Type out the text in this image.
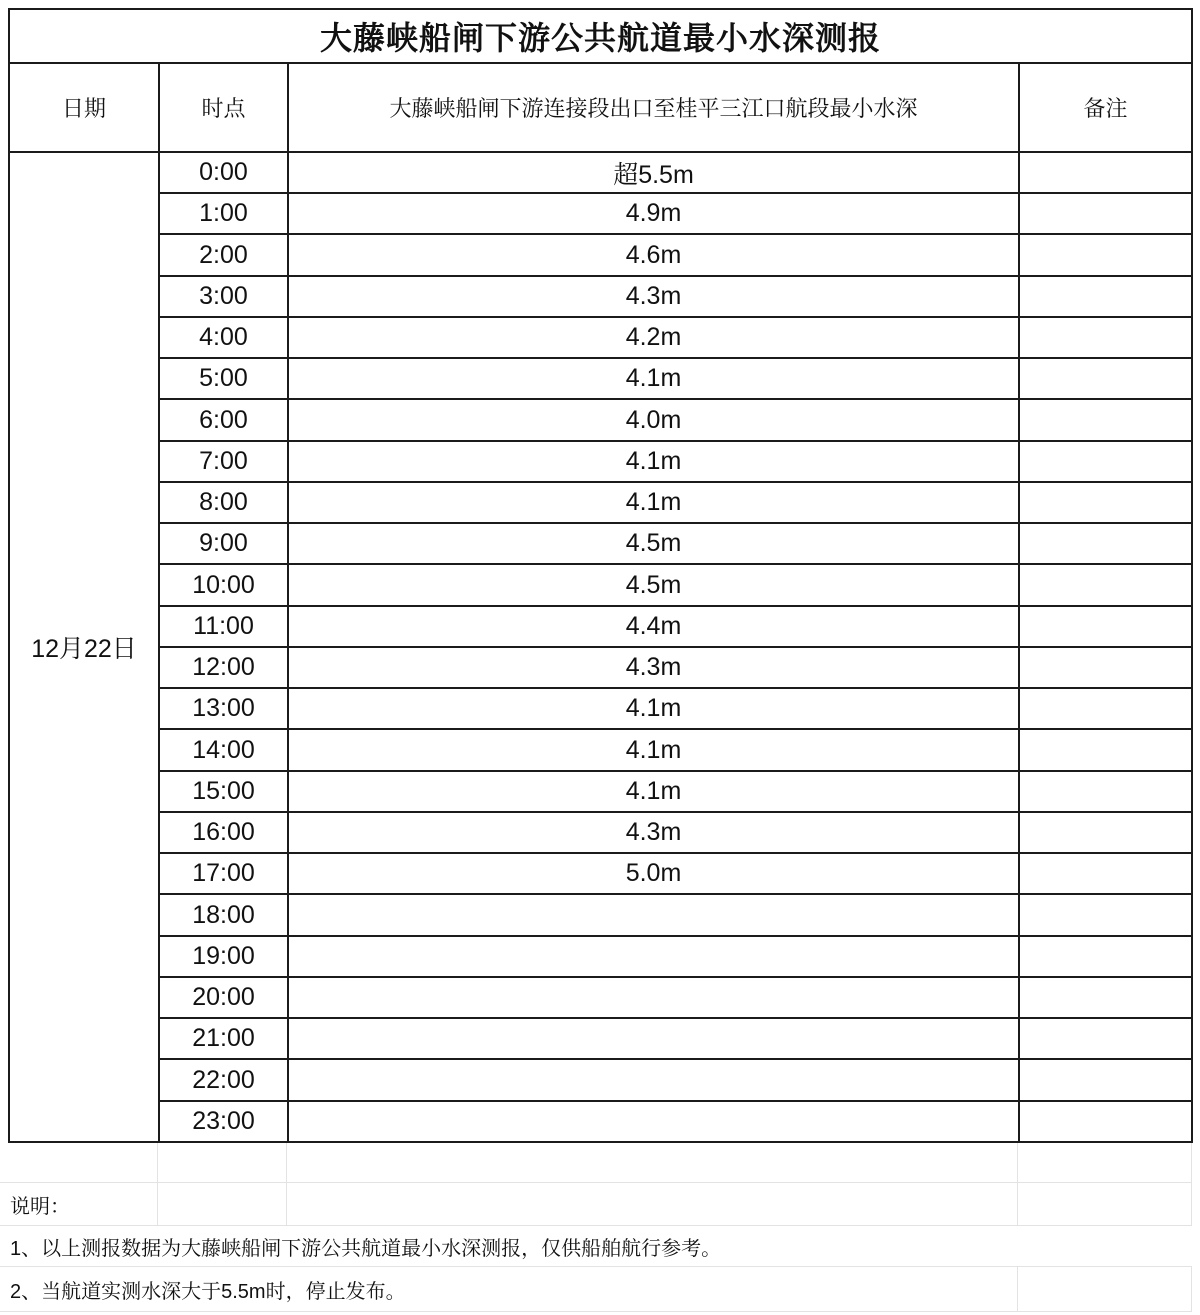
大藤峡船闸下游公共航道最小水深测报			
日期	时点	大藤峡船闸下游连接段出口至桂平三江口航段最小水深	备注
12月22日	0:00	超5.5m	
	1:00	4.9m	
	2:00	4.6m	
	3:00	4.3m	
	4:00	4.2m	
	5:00	4.1m	
	6:00	4.0m	
	7:00	4.1m	
	8:00	4.1m	
	9:00	4.5m	
	10:00	4.5m	
	11:00	4.4m	
	12:00	4.3m	
	13:00	4.1m	
	14:00	4.1m	
	15:00	4.1m	
	16:00	4.3m	
	17:00	5.0m	
	18:00		
	19:00		
	20:00		
	21:00		
	22:00		
	23:00		
说明：
1、以上测报数据为大藤峡船闸下游公共航道最小水深测报，仅供船舶航行参考。
2、当航道实测水深大于5.5m时，停止发布。
